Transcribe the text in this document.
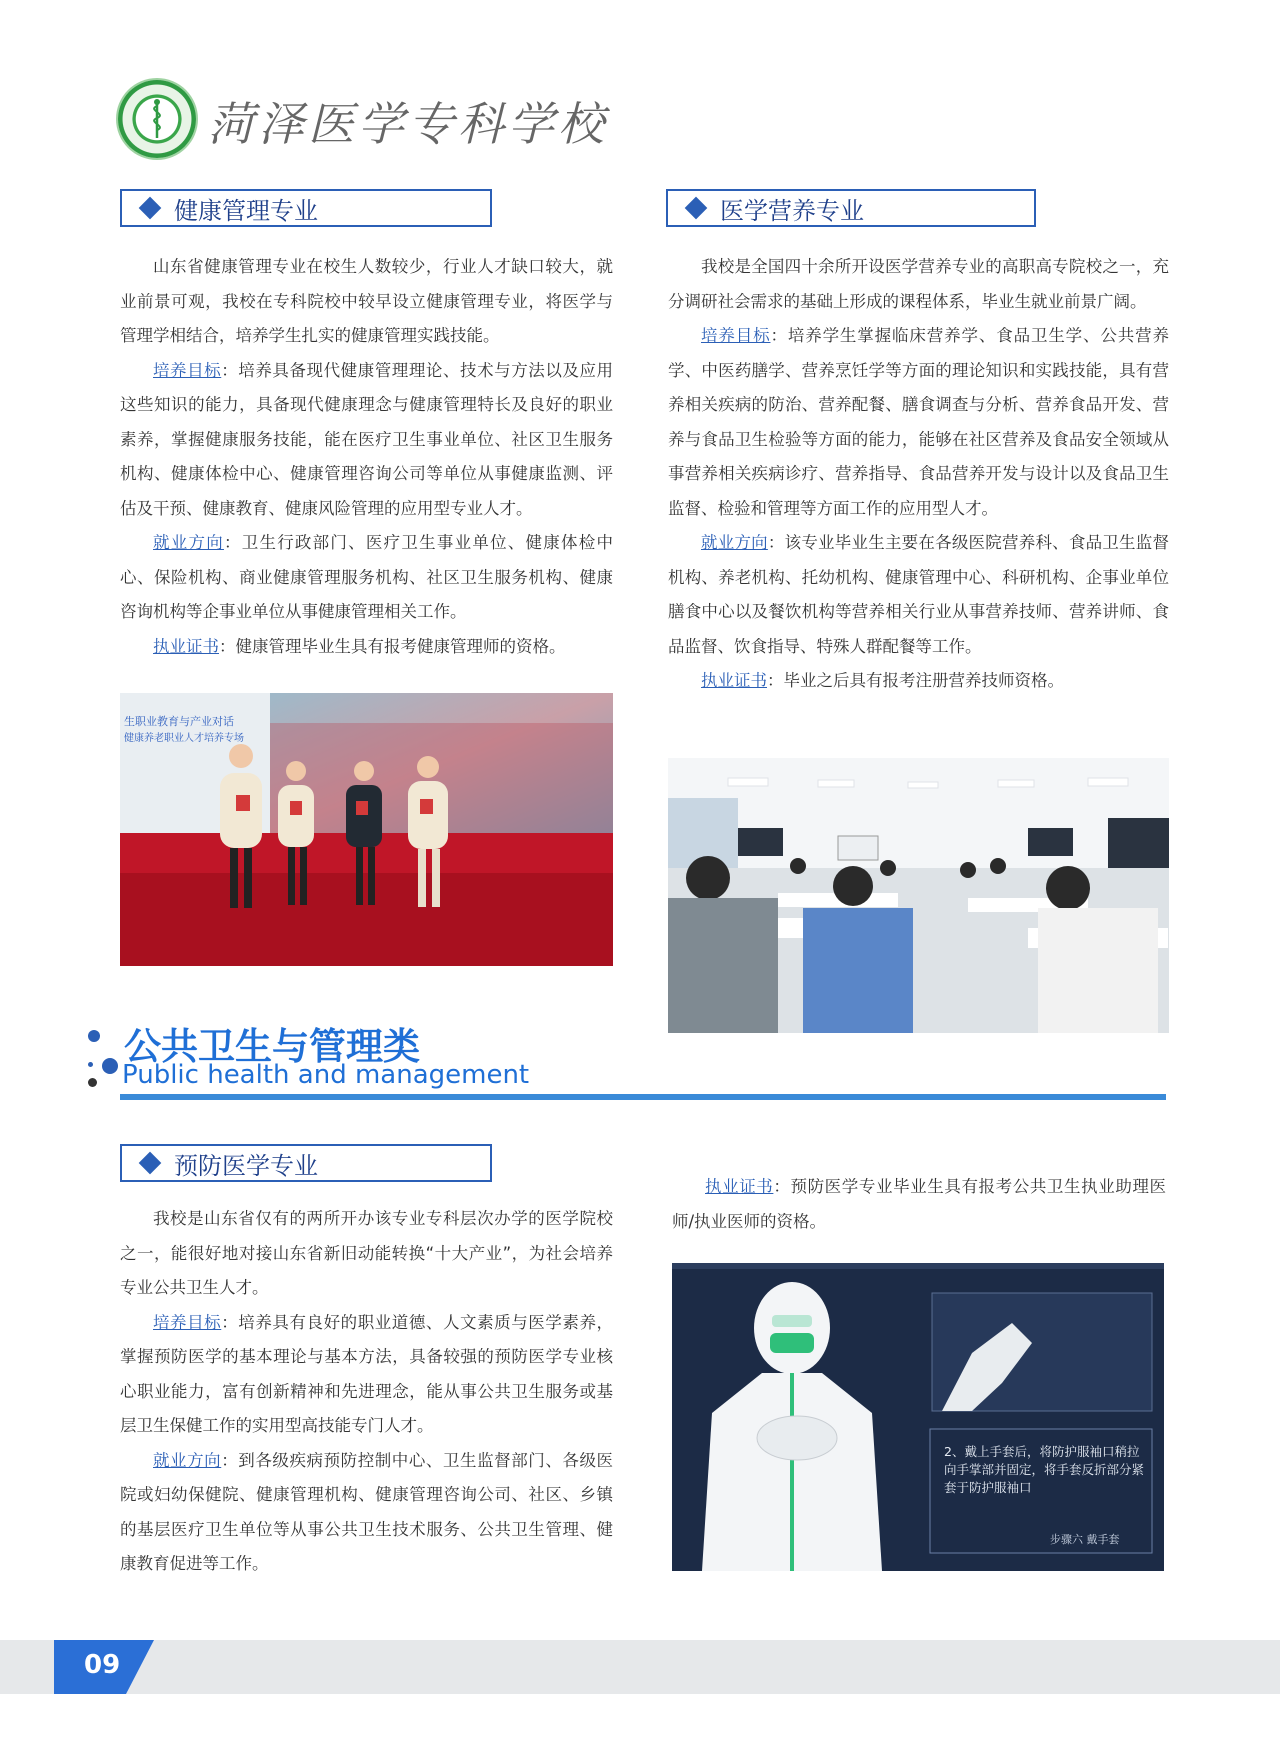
菏泽医学专科学校
健康管理专业

山东省健康管理专业在校生人数较少，行业人才缺口较大，就业前景可观，我校在专科院校中较早设立健康管理专业，将医学与管理学相结合，培养学生扎实的健康管理实践技能。

培养目标：培养具备现代健康管理理论、技术与方法以及应用这些知识的能力，具备现代健康理念与健康管理特长及良好的职业素养，掌握健康服务技能，能在医疗卫生事业单位、社区卫生服务机构、健康体检中心、健康管理咨询公司等单位从事健康监测、评估及干预、健康教育、健康风险管理的应用型专业人才。

就业方向：卫生行政部门、医疗卫生事业单位、健康体检中心、保险机构、商业健康管理服务机构、社区卫生服务机构、健康咨询机构等企事业单位从事健康管理相关工作。

执业证书：健康管理毕业生具有报考健康管理师的资格。

生职业教育与产业对话
健康养老职业人才培养专场
医学营养专业

我校是全国四十余所开设医学营养专业的高职高专院校之一，充分调研社会需求的基础上形成的课程体系，毕业生就业前景广阔。

培养目标：培养学生掌握临床营养学、食品卫生学、公共营养学、中医药膳学、营养烹饪学等方面的理论知识和实践技能，具有营养相关疾病的防治、营养配餐、膳食调查与分析、营养食品开发、营养与食品卫生检验等方面的能力，能够在社区营养及食品安全领域从事营养相关疾病诊疗、营养指导、食品营养开发与设计以及食品卫生监督、检验和管理等方面工作的应用型人才。

就业方向：该专业毕业生主要在各级医院营养科、食品卫生监督机构、养老机构、托幼机构、健康管理中心、科研机构、企事业单位膳食中心以及餐饮机构等营养相关行业从事营养技师、营养讲师、食品监督、饮食指导、特殊人群配餐等工作。

执业证书：毕业之后具有报考注册营养技师资格。

公共卫生与管理类
Public health and management
预防医学专业

我校是山东省仅有的两所开办该专业专科层次办学的医学院校之一，能很好地对接山东省新旧动能转换“十大产业”，为社会培养专业公共卫生人才。

培养目标：培养具有良好的职业道德、人文素质与医学素养，掌握预防医学的基本理论与基本方法，具备较强的预防医学专业核心职业能力，富有创新精神和先进理念，能从事公共卫生服务或基层卫生保健工作的实用型高技能专门人才。

就业方向：到各级疾病预防控制中心、卫生监督部门、各级医院或妇幼保健院、健康管理机构、健康管理咨询公司、社区、乡镇的基层医疗卫生单位等从事公共卫生技术服务、公共卫生管理、健康教育促进等工作。

执业证书：预防医学专业毕业生具有报考公共卫生执业助理医师/执业医师的资格。

2、戴上手套后，将防护服袖口稍拉向手掌部并固定，将手套反折部分紧套于防护服袖口
步骤六 戴手套
09
